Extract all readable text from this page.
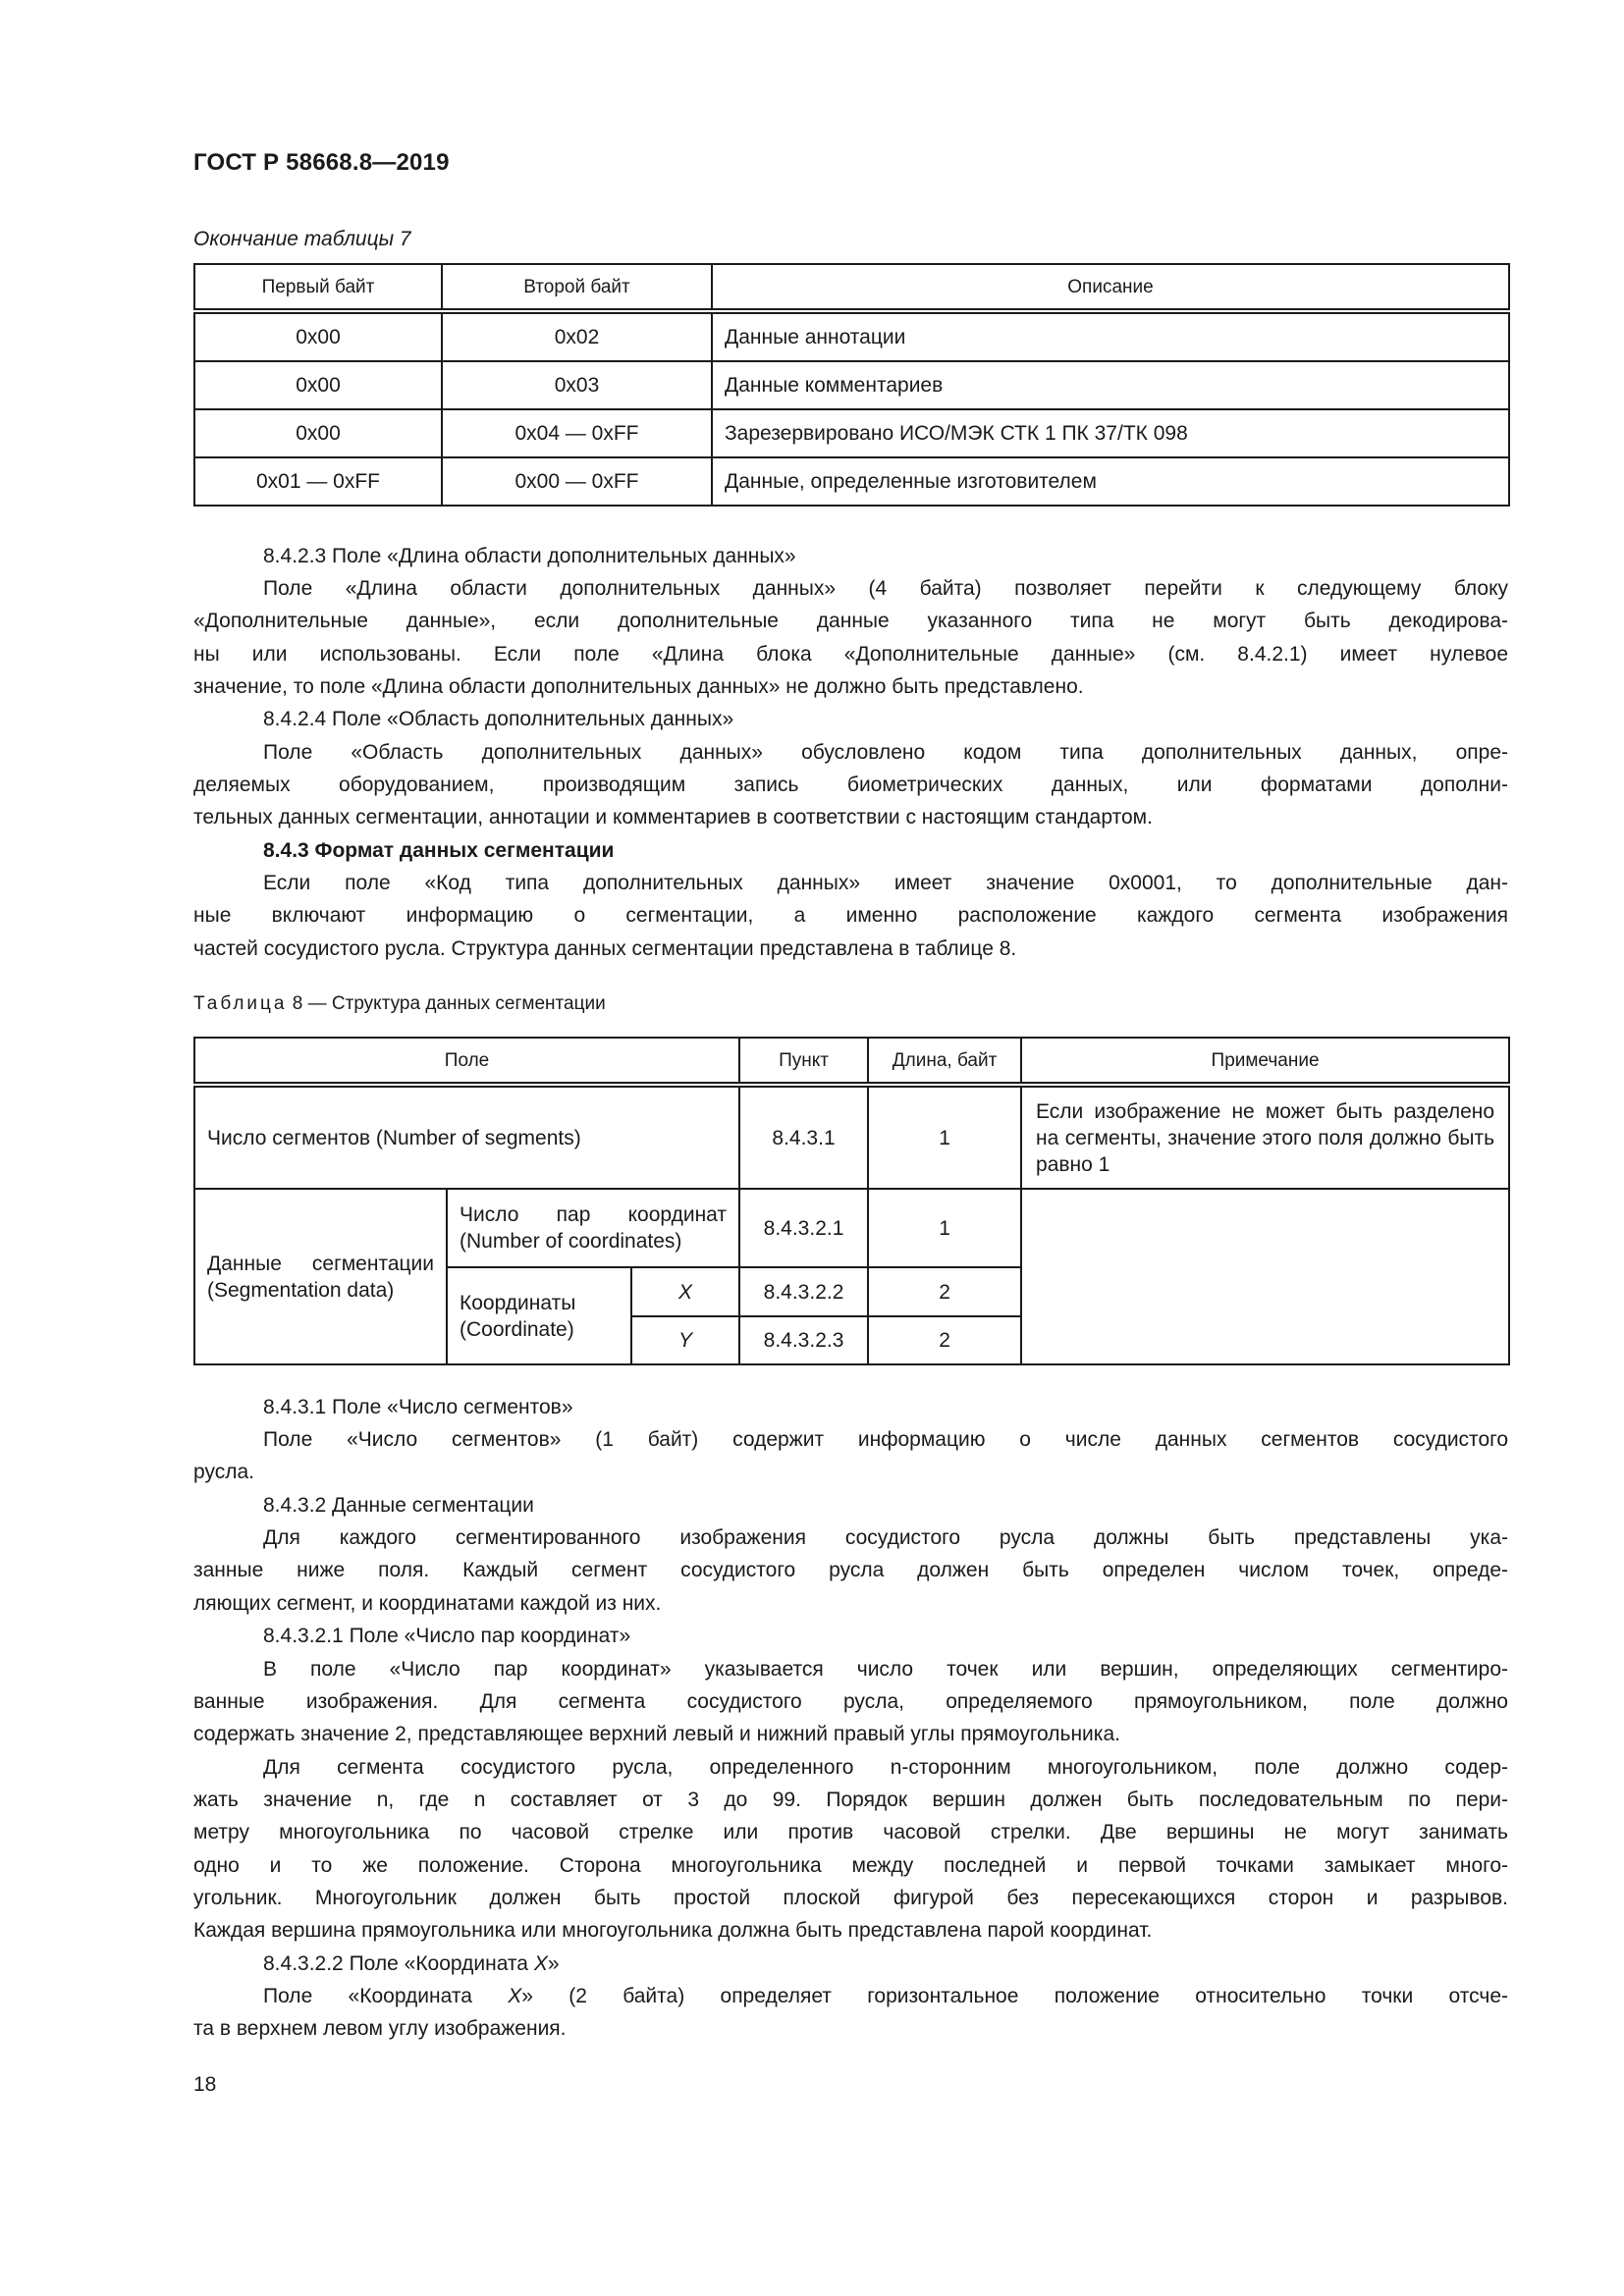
ГОСТ Р 58668.8—2019
Окончание таблицы 7
Первый байт	Второй байт	Описание
0x00	0x02	Данные аннотации
0x00	0x03	Данные комментариев
0x00	0x04 — 0xFF	Зарезервировано ИСО/МЭК СТК 1 ПК 37/ТК 098
0x01 — 0xFF	0x00 — 0xFF	Данные, определенные изготовителем
8.4.2.3 Поле «Длина области дополнительных данных»
Поле «Длина области дополнительных данных» (4 байта) позволяет перейти к следующему блоку
«Дополнительные данные», если дополнительные данные указанного типа не могут быть декодирова-
ны или использованы. Если поле «Длина блока «Дополнительные данные» (см. 8.4.2.1) имеет нулевое
значение, то поле «Длина области дополнительных данных» не должно быть представлено.
8.4.2.4 Поле «Область дополнительных данных»
Поле «Область дополнительных данных» обусловлено кодом типа дополнительных данных, опре-
деляемых оборудованием, производящим запись биометрических данных, или форматами дополни-
тельных данных сегментации, аннотации и комментариев в соответствии с настоящим стандартом.
8.4.3 Формат данных сегментации
Если поле «Код типа дополнительных данных» имеет значение 0x0001, то дополнительные дан-
ные включают информацию о сегментации, а именно расположение каждого сегмента изображения
частей сосудистого русла. Структура данных сегментации представлена в таблице 8.
Таблица 8 — Структура данных сегментации
Поле			Пункт	Длина, байт	Примечание
Число сегментов (Number of segments)			8.4.3.1	1	Если изображение не может быть разделено на сегменты, значение этого поля должно быть равно 1
Данные сегментации (Segmentation data)	Число пар координат (Number of coordinates)		8.4.3.2.1	1	
	Координаты (Coordinate)	X	8.4.3.2.2	2	
		Y	8.4.3.2.3	2	
8.4.3.1 Поле «Число сегментов»
Поле «Число сегментов» (1 байт) содержит информацию о числе данных сегментов сосудистого
русла.
8.4.3.2 Данные сегментации
Для каждого сегментированного изображения сосудистого русла должны быть представлены ука-
занные ниже поля. Каждый сегмент сосудистого русла должен быть определен числом точек, опреде-
ляющих сегмент, и координатами каждой из них.
8.4.3.2.1 Поле «Число пар координат»
В поле «Число пар координат» указывается число точек или вершин, определяющих сегментиро-
ванные изображения. Для сегмента сосудистого русла, определяемого прямоугольником, поле должно
содержать значение 2, представляющее верхний левый и нижний правый углы прямоугольника.
Для сегмента сосудистого русла, определенного n-сторонним многоугольником, поле должно содер-
жать значение n, где n составляет от 3 до 99. Порядок вершин должен быть последовательным по пери-
метру многоугольника по часовой стрелке или против часовой стрелки. Две вершины не могут занимать
одно и то же положение. Сторона многоугольника между последней и первой точками замыкает много-
угольник. Многоугольник должен быть простой плоской фигурой без пересекающихся сторон и разрывов.
Каждая вершина прямоугольника или многоугольника должна быть представлена парой координат.
8.4.3.2.2 Поле «Координата X»
Поле «Координата X» (2 байта) определяет горизонтальное положение относительно точки отсче-
та в верхнем левом углу изображения.
18
